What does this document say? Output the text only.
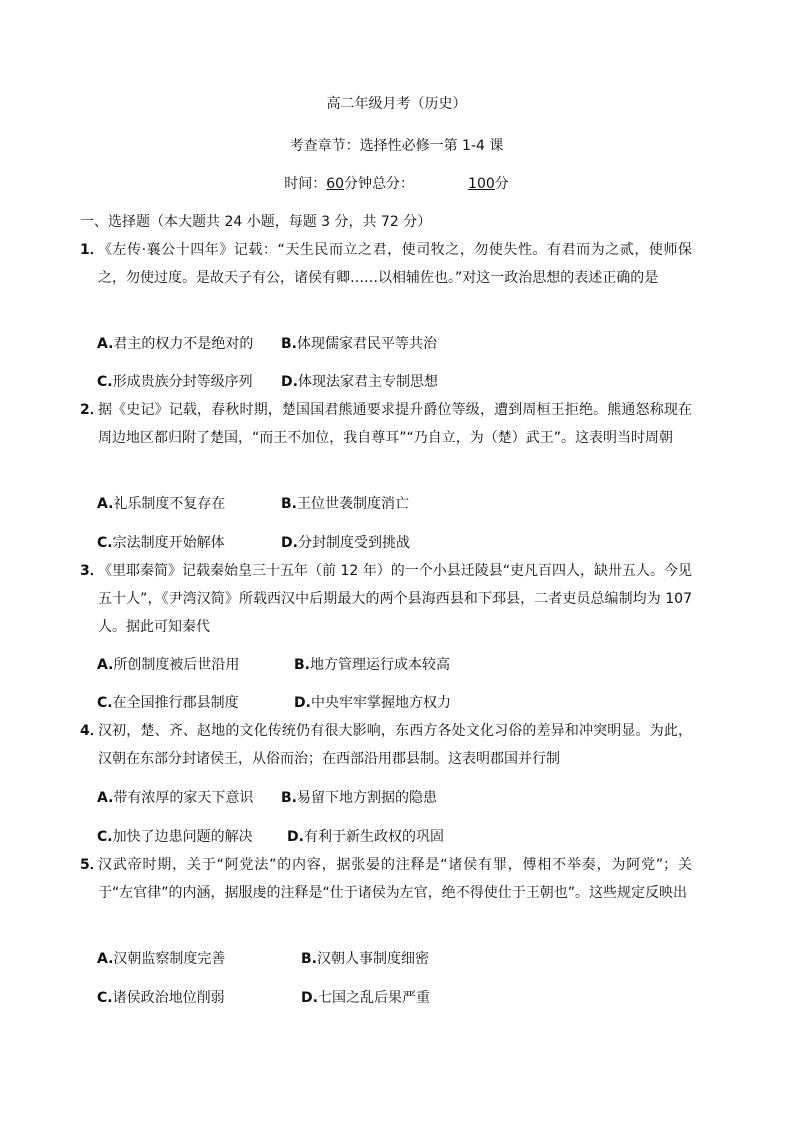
高二年级月考（历史）
考查章节：选择性必修一第 1-4 课
时间：60分钟总分：	100分
一、选择题（本大题共 24 小题，每题 3 分，共 72 分）
1．
《左传·襄公十四年》记载：“天生民而立之君，使司牧之，勿使失性。有君而为之贰，使师保之，勿使过度。是故天子有公，诸侯有卿……以相辅佐也。”对这一政治思想的表述正确的是
A.君主的权力不是绝对的 B.体现儒家君民平等共治
C.形成贵族分封等级序列 D.体现法家君主专制思想
2．
据《史记》记载，春秋时期，楚国国君熊通要求提升爵位等级，遭到周桓王拒绝。熊通怒称现在周边地区都归附了楚国，“而王不加位，我自尊耳”“乃自立，为（楚）武王”。这表明当时周朝
A.礼乐制度不复存在	B.王位世袭制度消亡
C.宗法制度开始解体	D.分封制度受到挑战
3．
《里耶秦简》记载秦始皇三十五年（前 12 年）的一个小县迁陵县“吏凡百四人，缺卅五人。今见五十人”，《尹湾汉简》所载西汉中后期最大的两个县海西县和下邳县，二者吏员总编制均为 107 人。据此可知秦代
A.所创制度被后世沿用	B.地方管理运行成本较高
C.在全国推行郡县制度	D.中央牢牢掌握地方权力
4．
汉初，楚、齐、赵地的文化传统仍有很大影响，东西方各处文化习俗的差异和冲突明显。为此，汉朝在东部分封诸侯王，从俗而治；在西部沿用郡县制。这表明郡国并行制
A.带有浓厚的家天下意识 B.易留下地方割据的隐患
C.加快了边患问题的解决 D.有利于新生政权的巩固
5．
汉武帝时期，关于“阿党法”的内容，据张晏的注释是“诸侯有罪，傅相不举奏，为阿党”；关于“左官律”的内涵，据服虔的注释是“仕于诸侯为左官，绝不得使仕于王朝也”。这些规定反映出
A.汉朝监察制度完善	B.汉朝人事制度细密
C.诸侯政治地位削弱	D.七国之乱后果严重
